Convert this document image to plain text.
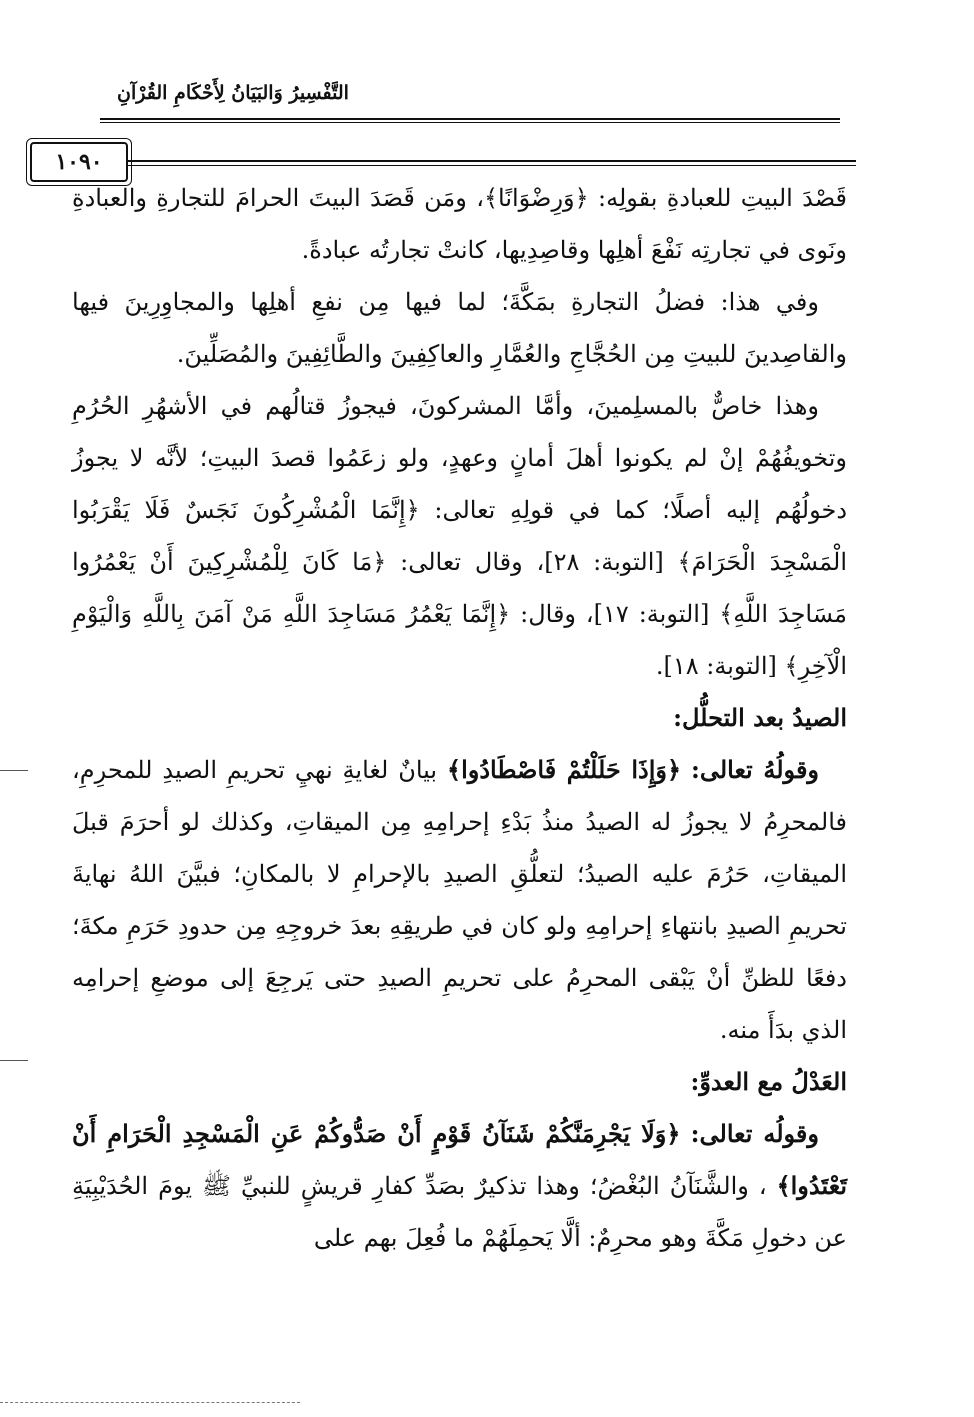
التَّفْسِيرُ وَالبَيَانُ لِأَحْكَامِ القُرْآنِ
١٠٩٠

قَصْدَ البيتِ للعبادةِ بقولِه: ﴿وَرِضْوَانًا﴾، ومَن قَصَدَ البيتَ الحرامَ للتجارةِ والعبادةِ ونَوى في تجارتِه نَفْعَ أهلِها وقاصِدِيها، كانتْ تجارتُه عبادةً.

وفي هذا: فضلُ التجارةِ بمَكَّةَ؛ لما فيها مِن نفعِ أهلِها والمجاوِرِينَ فيها والقاصِدينَ للبيتِ مِن الحُجَّاجِ والعُمَّارِ والعاكِفِينَ والطَّائِفِينَ والمُصَلِّينَ.

وهذا خاصٌّ بالمسلِمينَ، وأمَّا المشركونَ، فيجوزُ قتالُهم في الأشهُرِ الحُرُمِ وتخويفُهُمْ إنْ لم يكونوا أهلَ أمانٍ وعهدٍ، ولو زعَمُوا قصدَ البيتِ؛ لأنَّه لا يجوزُ دخولُهُم إليه أصلًا؛ كما في قولِهِ تعالى: ﴿إِنَّمَا الْمُشْرِكُونَ نَجَسٌ فَلَا يَقْرَبُوا الْمَسْجِدَ الْحَرَامَ﴾ [التوبة: ٢٨]، وقال تعالى: ﴿مَا كَانَ لِلْمُشْرِكِينَ أَنْ يَعْمُرُوا مَسَاجِدَ اللَّهِ﴾ [التوبة: ١٧]، وقال: ﴿إِنَّمَا يَعْمُرُ مَسَاجِدَ اللَّهِ مَنْ آمَنَ بِاللَّهِ وَالْيَوْمِ الْآخِرِ﴾ [التوبة: ١٨].

الصيدُ بعد التحلُّل:

وقولُهُ تعالى: ﴿وَإِذَا حَلَلْتُمْ فَاصْطَادُوا﴾ بيانٌ لغايةِ نهيِ تحريمِ الصيدِ للمحرِمِ، فالمحرِمُ لا يجوزُ له الصيدُ منذُ بَدْءِ إحرامِهِ مِن الميقاتِ، وكذلك لو أحرَمَ قبلَ الميقاتِ، حَرُمَ عليه الصيدُ؛ لتعلُّقِ الصيدِ بالإحرامِ لا بالمكانِ؛ فبيَّنَ اللهُ نهايةَ تحريمِ الصيدِ بانتهاءِ إحرامِهِ ولو كان في طريقِهِ بعدَ خروجِهِ مِن حدودِ حَرَمِ مكةَ؛ دفعًا للظنِّ أنْ يَبْقى المحرِمُ على تحريمِ الصيدِ حتى يَرجِعَ إلى موضعِ إحرامِه الذي بدَأَ منه.

العَدْلُ مع العدوِّ:

وقولُه تعالى: ﴿وَلَا يَجْرِمَنَّكُمْ شَنَآنُ قَوْمٍ أَنْ صَدُّوكُمْ عَنِ الْمَسْجِدِ الْحَرَامِ أَنْ تَعْتَدُوا﴾ ، والشَّنَآنُ البُغْضُ؛ وهذا تذكيرٌ بصَدِّ كفارِ قريشٍ للنبيِّ ﷺ يومَ الحُدَيْبِيَةِ عن دخولِ مَكَّةَ وهو محرِمٌ: ألَّا يَحمِلَهُمْ ما فُعِلَ بهم على
